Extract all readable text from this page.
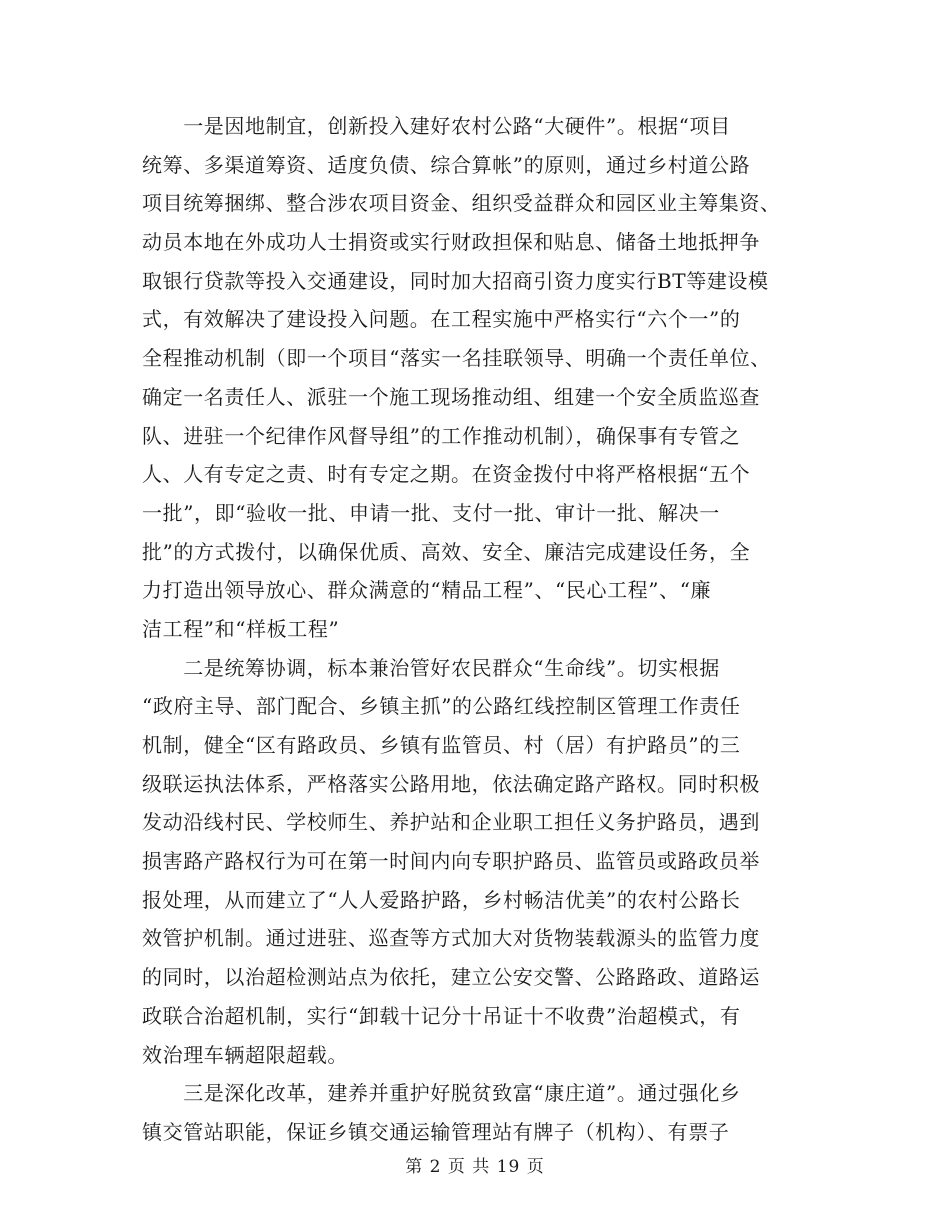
　　一是因地制宜，创新投入建好农村公路“大硬件”。根据“项目
统筹、多渠道筹资、适度负债、综合算帐”的原则，通过乡村道公路
项目统筹捆绑、整合涉农项目资金、组织受益群众和园区业主筹集资、
动员本地在外成功人士捐资或实行财政担保和贴息、储备土地抵押争
取银行贷款等投入交通建设，同时加大招商引资力度实行BT等建设模
式，有效解决了建设投入问题。在工程实施中严格实行“六个一”的
全程推动机制（即一个项目“落实一名挂联领导、明确一个责任单位、
确定一名责任人、派驻一个施工现场推动组、组建一个安全质监巡查
队、进驻一个纪律作风督导组”的工作推动机制），确保事有专管之
人、人有专定之责、时有专定之期。在资金拨付中将严格根据“五个
一批”，即“验收一批、申请一批、支付一批、审计一批、解决一
批”的方式拨付，以确保优质、高效、安全、廉洁完成建设任务，全
力打造出领导放心、群众满意的“精品工程”、“民心工程”、“廉
洁工程”和“样板工程”
　　二是统筹协调，标本兼治管好农民群众“生命线”。切实根据
“政府主导、部门配合、乡镇主抓”的公路红线控制区管理工作责任
机制，健全“区有路政员、乡镇有监管员、村（居）有护路员”的三
级联运执法体系，严格落实公路用地，依法确定路产路权。同时积极
发动沿线村民、学校师生、养护站和企业职工担任义务护路员，遇到
损害路产路权行为可在第一时间内向专职护路员、监管员或路政员举
报处理，从而建立了“人人爱路护路，乡村畅洁优美”的农村公路长
效管护机制。通过进驻、巡查等方式加大对货物装载源头的监管力度
的同时，以治超检测站点为依托，建立公安交警、公路路政、道路运
政联合治超机制，实行“卸载十记分十吊证十不收费”治超模式，有
效治理车辆超限超载。
　　三是深化改革，建养并重护好脱贫致富“康庄道”。通过强化乡
镇交管站职能，保证乡镇交通运输管理站有牌子（机构）、有票子
第 2 页 共 19 页
